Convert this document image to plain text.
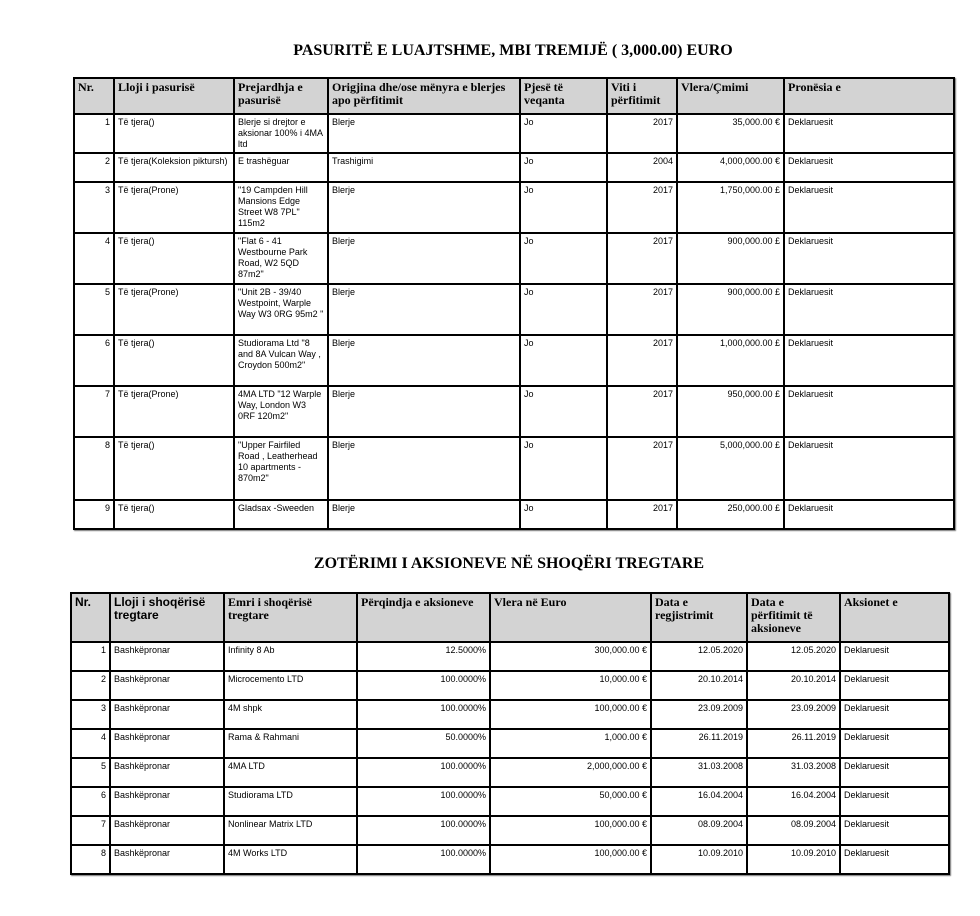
PASURITË E LUAJTSHME, MBI TREMIJË ( 3,000.00) EURO
Nr.	Lloji i pasurisë	Prejardhja e pasurisë	Origjina dhe/ose mënyra e blerjes apo përfitimit	Pjesë të veqanta	Viti i përfitimit	Vlera/Çmimi	Pronësia e
1	Të tjera()	Blerje si drejtor e aksionar 100% i 4MA ltd	Blerje	Jo	2017	35,000.00 €	Deklaruesit
2	Të tjera(Koleksion piktursh)	E trashëguar	Trashigimi	Jo	2004	4,000,000.00 €	Deklaruesit
3	Të tjera(Prone)	"19 Campden Hill Mansions Edge Street W8 7PL" 115m2	Blerje	Jo	2017	1,750,000.00 £	Deklaruesit
4	Të tjera()	"Flat 6 - 41 Westbourne Park Road, W2 5QD 87m2"	Blerje	Jo	2017	900,000.00 £	Deklaruesit
5	Të tjera(Prone)	"Unit 2B - 39/40 Westpoint, Warple Way W3 0RG 95m2 "	Blerje	Jo	2017	900,000.00 £	Deklaruesit
6	Të tjera()	Studiorama Ltd "8 and 8A Vulcan Way , Croydon 500m2"	Blerje	Jo	2017	1,000,000.00 £	Deklaruesit
7	Të tjera(Prone)	4MA LTD "12 Warple Way, London W3 0RF 120m2"	Blerje	Jo	2017	950,000.00 £	Deklaruesit
8	Të tjera()	"Upper Fairfiled Road , Leatherhead 10 apartments - 870m2"	Blerje	Jo	2017	5,000,000.00 £	Deklaruesit
9	Të tjera()	Gladsax -Sweeden	Blerje	Jo	2017	250,000.00 £	Deklaruesit
ZOTËRIMI I AKSIONEVE NË SHOQËRI TREGTARE
Nr.	Lloji i shoqërisë tregtare	Emri i shoqërisë tregtare	Përqindja e aksioneve	Vlera në Euro	Data e regjistrimit	Data e përfitimit të aksioneve	Aksionet e
1	Bashkëpronar	Infinity 8 Ab	12.5000%	300,000.00 €	12.05.2020	12.05.2020	Deklaruesit
2	Bashkëpronar	Microcemento LTD	100.0000%	10,000.00 €	20.10.2014	20.10.2014	Deklaruesit
3	Bashkëpronar	4M shpk	100.0000%	100,000.00 €	23.09.2009	23.09.2009	Deklaruesit
4	Bashkëpronar	Rama & Rahmani	50.0000%	1,000.00 €	26.11.2019	26.11.2019	Deklaruesit
5	Bashkëpronar	4MA LTD	100.0000%	2,000,000.00 €	31.03.2008	31.03.2008	Deklaruesit
6	Bashkëpronar	Studiorama LTD	100.0000%	50,000.00 €	16.04.2004	16.04.2004	Deklaruesit
7	Bashkëpronar	Nonlinear Matrix LTD	100.0000%	100,000.00 €	08.09.2004	08.09.2004	Deklaruesit
8	Bashkëpronar	4M Works LTD	100.0000%	100,000.00 €	10.09.2010	10.09.2010	Deklaruesit
